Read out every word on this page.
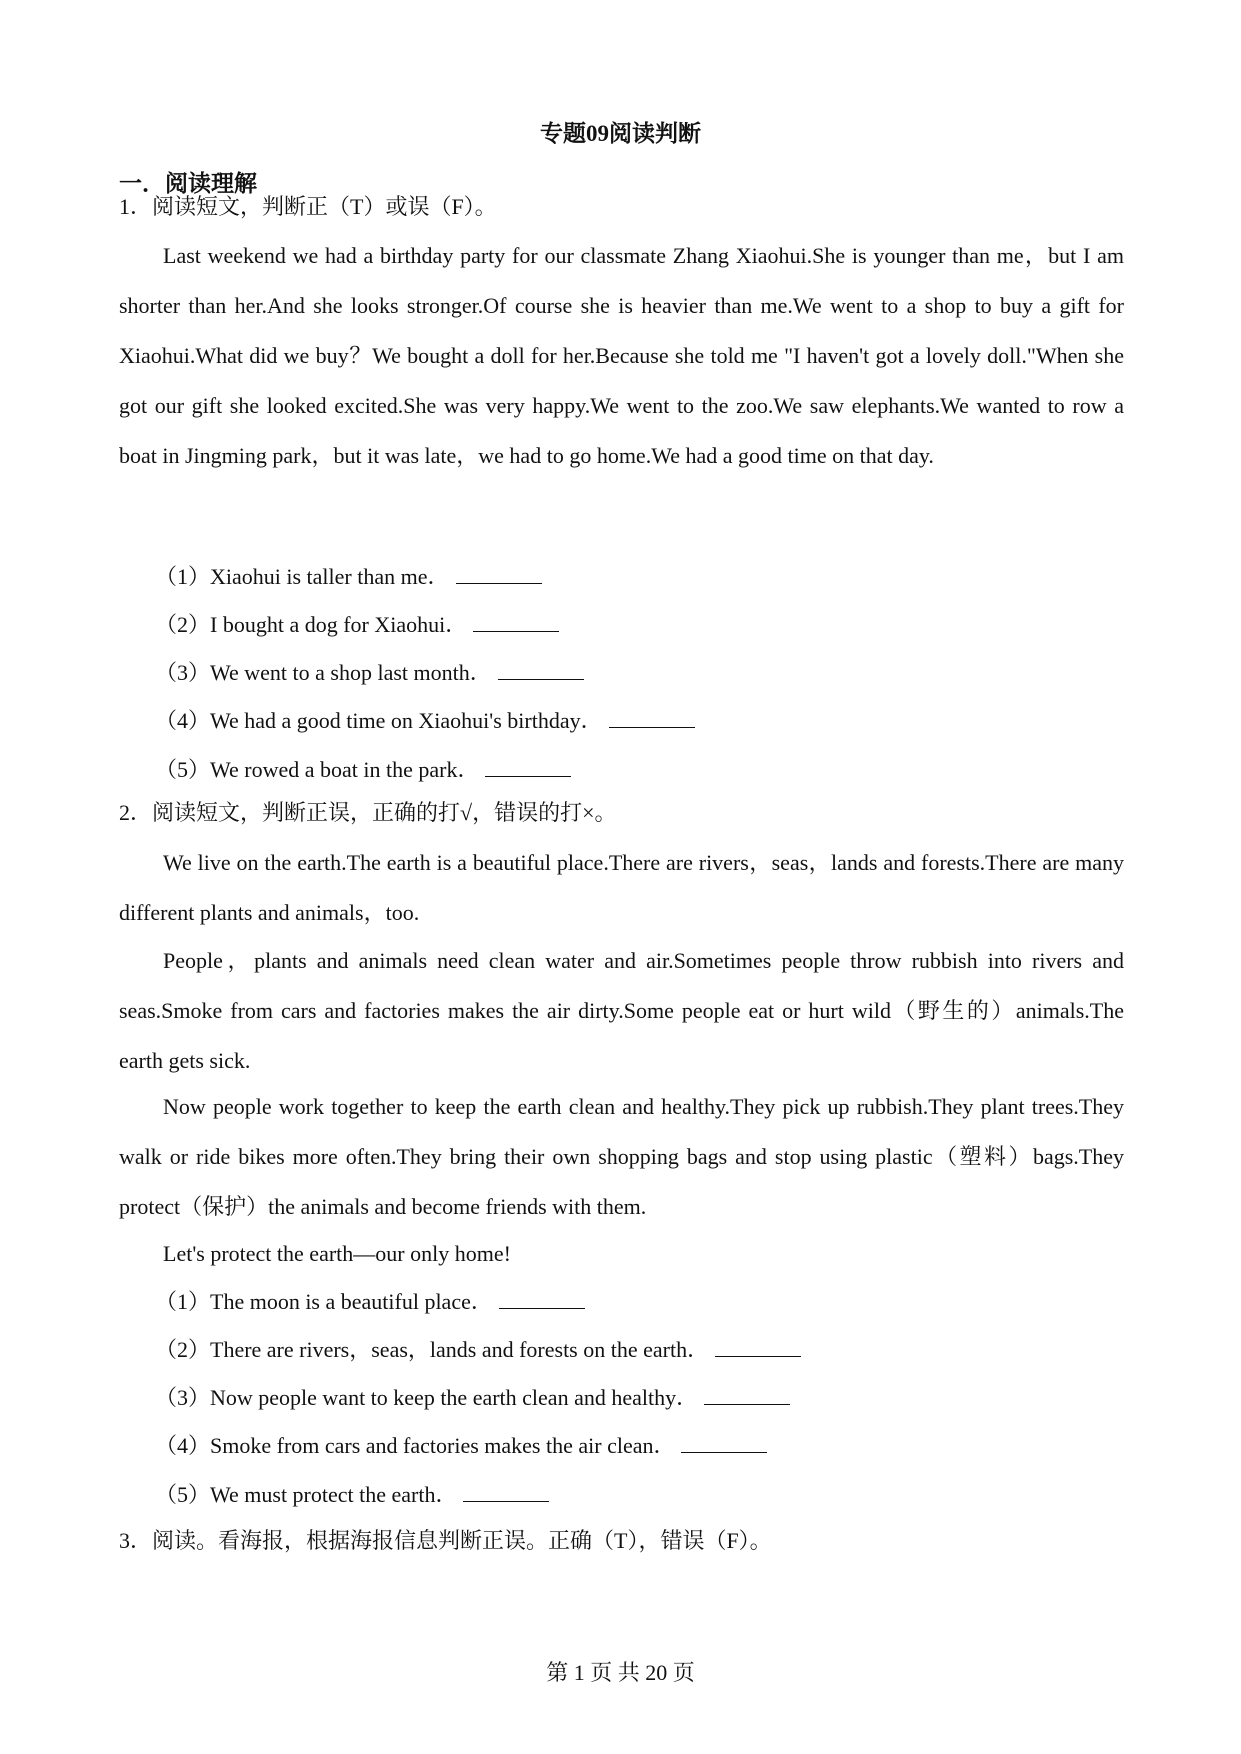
专题09阅读判断
一．阅读理解
1．阅读短文，判断正（T）或误（F）。

Last weekend we had a birthday party for our classmate Zhang Xiaohui.She is younger than me，but I am shorter than her.And she looks stronger.Of course she is heavier than me.We went to a shop to buy a gift for Xiaohui.What did we buy？We bought a doll for her.Because she told me "I haven't got a lovely doll."When she got our gift she looked excited.She was very happy.We went to the zoo.We saw elephants.We wanted to row a boat in Jingming park，but it was late，we had to go home.We had a good time on that day.

（1）Xiaohui is taller than me．
（2）I bought a dog for Xiaohui．
（3）We went to a shop last month．
（4）We had a good time on Xiaohui's birthday．
（5）We rowed a boat in the park．
2．阅读短文，判断正误，正确的打√，错误的打×。

We live on the earth.The earth is a beautiful place.There are rivers，seas，lands and forests.There are many different plants and animals，too.

People，plants and animals need clean water and air.Sometimes people throw rubbish into rivers and seas.Smoke from cars and factories makes the air dirty.Some people eat or hurt wild（野生的）animals.The earth gets sick.

Now people work together to keep the earth clean and healthy.They pick up rubbish.They plant trees.They walk or ride bikes more often.They bring their own shopping bags and stop using plastic（塑料）bags.They protect（保护）the animals and become friends with them.

Let's protect the earth—our only home!

（1）The moon is a beautiful place．
（2）There are rivers，seas，lands and forests on the earth．
（3）Now people want to keep the earth clean and healthy．
（4）Smoke from cars and factories makes the air clean．
（5）We must protect the earth．
3．阅读。看海报，根据海报信息判断正误。正确（T），错误（F）。
第 1 页 共 20 页
